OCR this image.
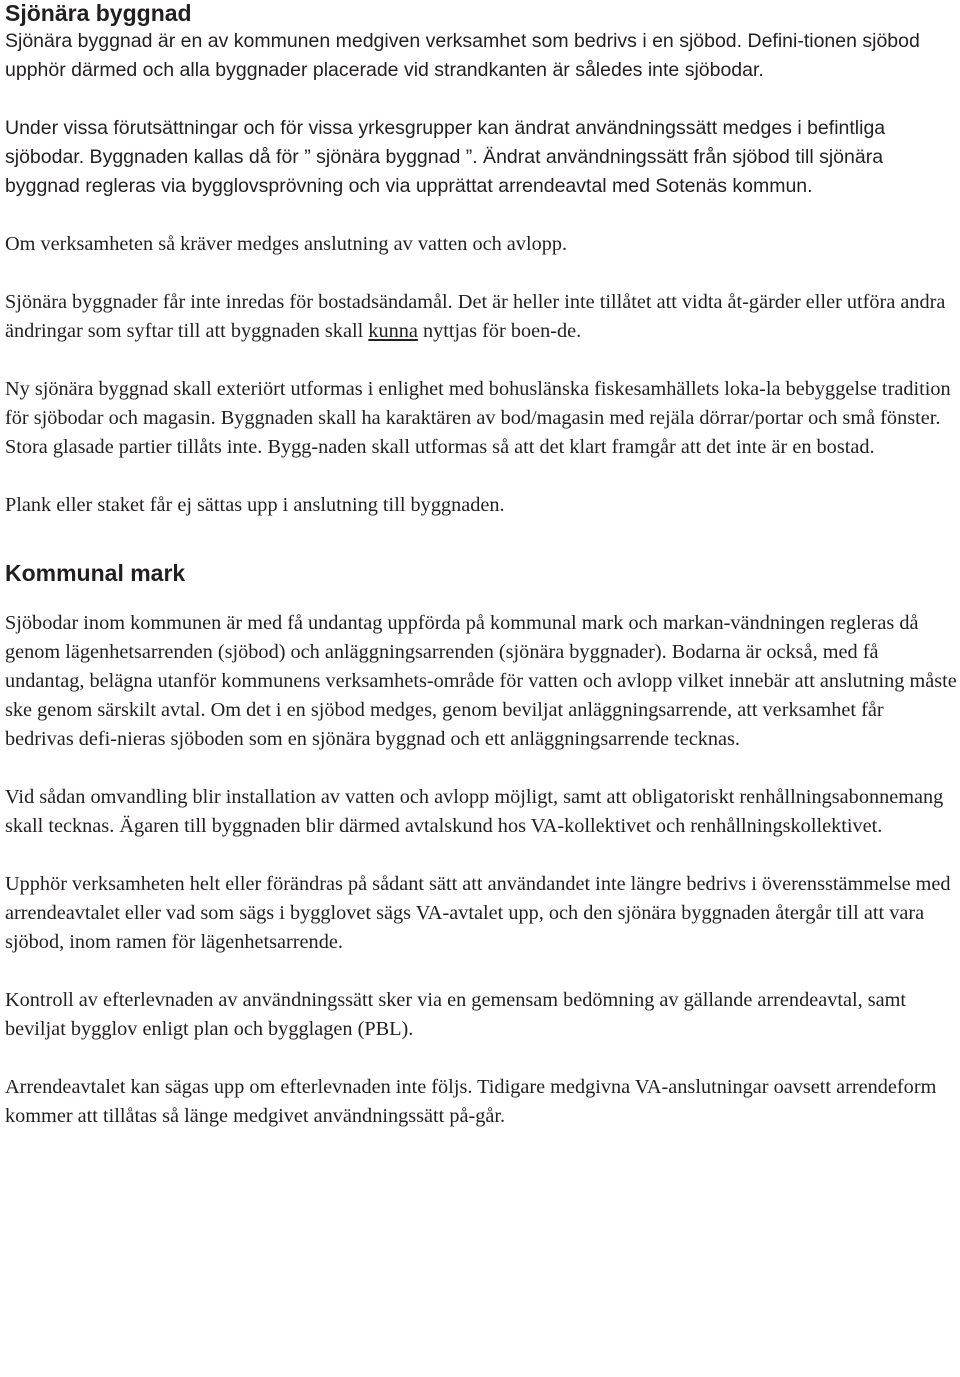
Sjönära byggnad

Sjönära byggnad är en av kommunen medgiven verksamhet som bedrivs i en sjöbod. Defini-tionen sjöbod upphör därmed och alla byggnader placerade vid strandkanten är således inte sjöbodar.

Under vissa förutsättningar och för vissa yrkesgrupper kan ändrat användningssätt medges i befintliga sjöbodar. Byggnaden kallas då för ” sjönära byggnad ”. Ändrat användningssätt från sjöbod till sjönära byggnad regleras via bygglovsprövning och via upprättat arrendeavtal med Sotenäs kommun.

Om verksamheten så kräver medges anslutning av vatten och avlopp.

Sjönära byggnader får inte inredas för bostadsändamål. Det är heller inte tillåtet att vidta åt-gärder eller utföra andra ändringar som syftar till att byggnaden skall kunna nyttjas för boen-de.

Ny sjönära byggnad skall exteriört utformas i enlighet med bohuslänska fiskesamhällets loka-la bebyggelse tradition för sjöbodar och magasin. Byggnaden skall ha karaktären av bod/magasin med rejäla dörrar/portar och små fönster. Stora glasade partier tillåts inte. Bygg-naden skall utformas så att det klart framgår att det inte är en bostad.

Plank eller staket får ej sättas upp i anslutning till byggnaden.

Kommunal mark

Sjöbodar inom kommunen är med få undantag uppförda på kommunal mark och markan-vändningen regleras då genom lägenhetsarrenden (sjöbod) och anläggningsarrenden (sjönära byggnader). Bodarna är också, med få undantag, belägna utanför kommunens verksamhets-område för vatten och avlopp vilket innebär att anslutning måste ske genom särskilt avtal. Om det i en sjöbod medges, genom beviljat anläggningsarrende, att verksamhet får bedrivas defi-nieras sjöboden som en sjönära byggnad och ett anläggningsarrende tecknas.

Vid sådan omvandling blir installation av vatten och avlopp möjligt, samt att obligatoriskt renhållningsabonnemang skall tecknas. Ägaren till byggnaden blir därmed avtalskund hos VA-kollektivet och renhållningskollektivet.

Upphör verksamheten helt eller förändras på sådant sätt att användandet inte längre bedrivs i överensstämmelse med arrendeavtalet eller vad som sägs i bygglovet sägs VA-avtalet upp, och den sjönära byggnaden återgår till att vara sjöbod, inom ramen för lägenhetsarrende.

Kontroll av efterlevnaden av användningssätt sker via en gemensam bedömning av gällande arrendeavtal, samt beviljat bygglov enligt plan och bygglagen (PBL).

Arrendeavtalet kan sägas upp om efterlevnaden inte följs. Tidigare medgivna VA-anslutningar oavsett arrendeform kommer att tillåtas så länge medgivet användningssätt på-går.
